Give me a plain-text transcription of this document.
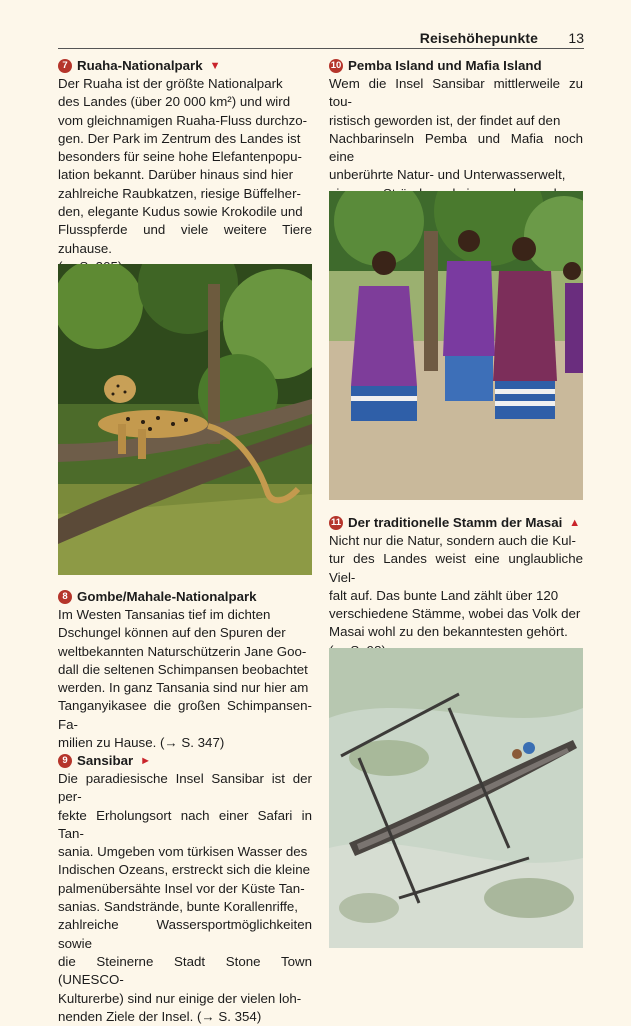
Reisehöhepunkte 13
7 Ruaha-Nationalpark ▼

Der Ruaha ist der größte Nationalpark
des Landes (über 20 000 km²) und wird
vom gleichnamigen Ruaha-Fluss durchzo-
gen. Der Park im Zentrum des Landes ist
besonders für seine hohe Elefantenpopu-
lation bekannt. Darüber hinaus sind hier
zahlreiche Raubkatzen, riesige Büffelher-
den, elegante Kudus sowie Krokodile und
Flusspferde und viele weitere Tiere zuhause.

8 Gombe/Mahale-Nationalpark

Im Westen Tansanias tief im dichten
Dschungel können auf den Spuren der
weltbekannten Naturschützerin Jane Goo-
dall die seltenen Schimpansen beobachtet
werden. In ganz Tansania sind nur hier am
Tanganyikasee die großen Schimpansen-Fa-
milien zu Hause. (→ S. 347)

9 Sansibar ►

Die paradiesische Insel Sansibar ist der per-
fekte Erholungsort nach einer Safari in Tan-
sania. Umgeben vom türkisen Wasser des
Indischen Ozeans, erstreckt sich die kleine
palmenübersähte Insel vor der Küste Tan-
sanias. Sandstrände, bunte Korallenriffe,
zahlreiche Wassersportmöglichkeiten sowie
die Steinerne Stadt Stone Town (UNESCO-
Kulturerbe) sind nur einige der vielen loh-
nenden Ziele der Insel. (→ S. 354)

10 Pemba Island und Mafia Island

Wem die Insel Sansibar mittlerweile zu tou-
ristisch geworden ist, der findet auf den
Nachbarinseln Pemba und Mafia noch eine
unberührte Natur- und Unterwasserwelt,

11 Der traditionelle Stamm der Masai ▲

Nicht nur die Natur, sondern auch die Kul-
tur des Landes weist eine unglaubliche Viel-
falt auf. Das bunte Land zählt über 120
verschiedene Stämme, wobei das Volk der
Masai wohl zu den bekanntesten gehört.
